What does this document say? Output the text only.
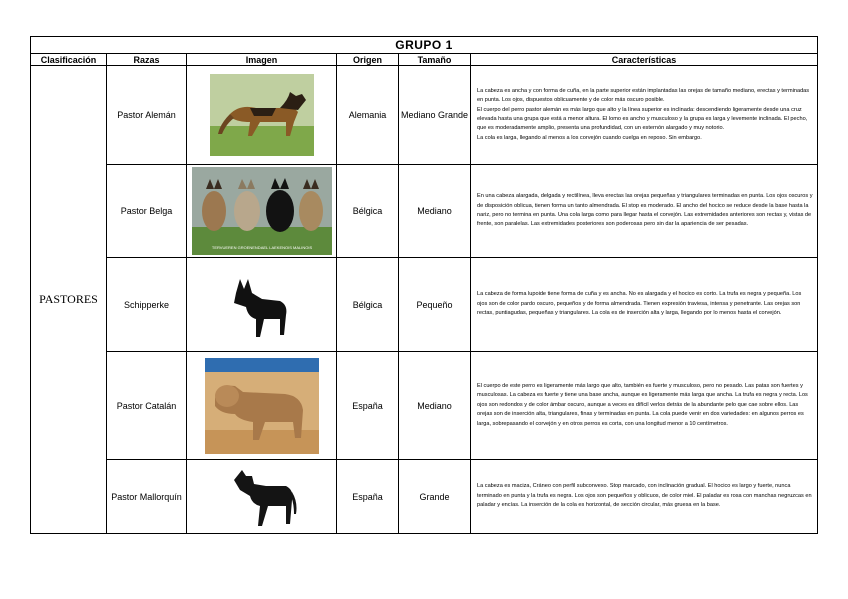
GRUPO 1					
Clasificación	Razas	Imagen	Origen	Tamaño	Características
PASTORES	Pastor Alemán		Alemania	Mediano Grande	La cabeza es ancha y con forma de cuña, en la parte superior están implantadas las orejas de tamaño mediano, erectas y terminadas en punta. Los ojos, dispuestos oblicuamente y de color más oscuro posible.
El cuerpo del perro pastor alemán es más largo que alto y la línea superior es inclinada: descendiendo ligeramente desde una cruz elevada hasta una grupa que está a menor altura. El lomo es ancho y musculoso y la grupa es larga y levemente inclinada. El pecho, que es moderadamente amplio, presenta una profundidad, con un esternón alargado y muy notorio.
La cola es larga, llegando al menos a los corvejón cuando cuelga en reposo. Sin embargo.

	Pastor Belga	TERVUEREN GROENENDAEL LAEKENOIS MALINOIS	Bélgica	Mediano	En una cabeza alargada, delgada y rectilínea, lleva erectas las orejas pequeñas y triangulares terminadas en punta. Los ojos oscuros y de disposición oblicua, tienen forma un tanto almendrada. El stop es moderado. El ancho del hocico se reduce desde la base hasta la nariz, pero no termina en punta. Una cola larga como para llegar hasta el corvejón. Las extremidades anteriores son rectas y, vistas de frente, son paralelas. Las extremidades posteriores son poderosas pero sin dar la apariencia de ser pesadas.

	Schipperke		Bélgica	Pequeño	La cabeza de forma lupoide tiene forma de cuña y es ancha. No es alargada y el hocico es corto. La trufa es negra y pequeña. Los ojos son de color pardo oscuro, pequeños y de forma almendrada. Tienen expresión traviesa, intensa y penetrante. Las orejas son rectas, puntiagudas, pequeñas y triangulares. La cola es de inserción alta y larga, llegando por lo menos hasta el corvejón.

	Pastor Catalán		España	Mediano	El cuerpo de este perro es ligeramente más largo que alto, también es fuerte y musculoso, pero no pesado. Las patas son fuertes y musculosas. La cabeza es fuerte y tiene una base ancha, aunque es ligeramente más larga que ancha. La trufa es negra y recta. Los ojos son redondos y de color ámbar oscuro, aunque a veces es difícil verlos detrás de la abundante pelo que cae sobre ellos. Las orejas son de inserción alta, triangulares, finas y terminadas en punta. La cola puede venir en dos variedades: en algunos perros es larga, sobrepasando el corvejón y en otros perros es corta, con una longitud menor a 10 centímetros.

	Pastor Mallorquín		España	Grande	La cabeza es maciza, Cráneo con perfil subconvexo. Stop marcado, con inclinación gradual. El hocico es largo y fuerte, nunca terminado en punta y la trufa es negra. Los ojos son pequeños y oblicuos, de color miel. El paladar es rosa con manchas negruzcas en paladar y encías. La inserción de la cola es horizontal, de sección circular, más gruesa en la base.
